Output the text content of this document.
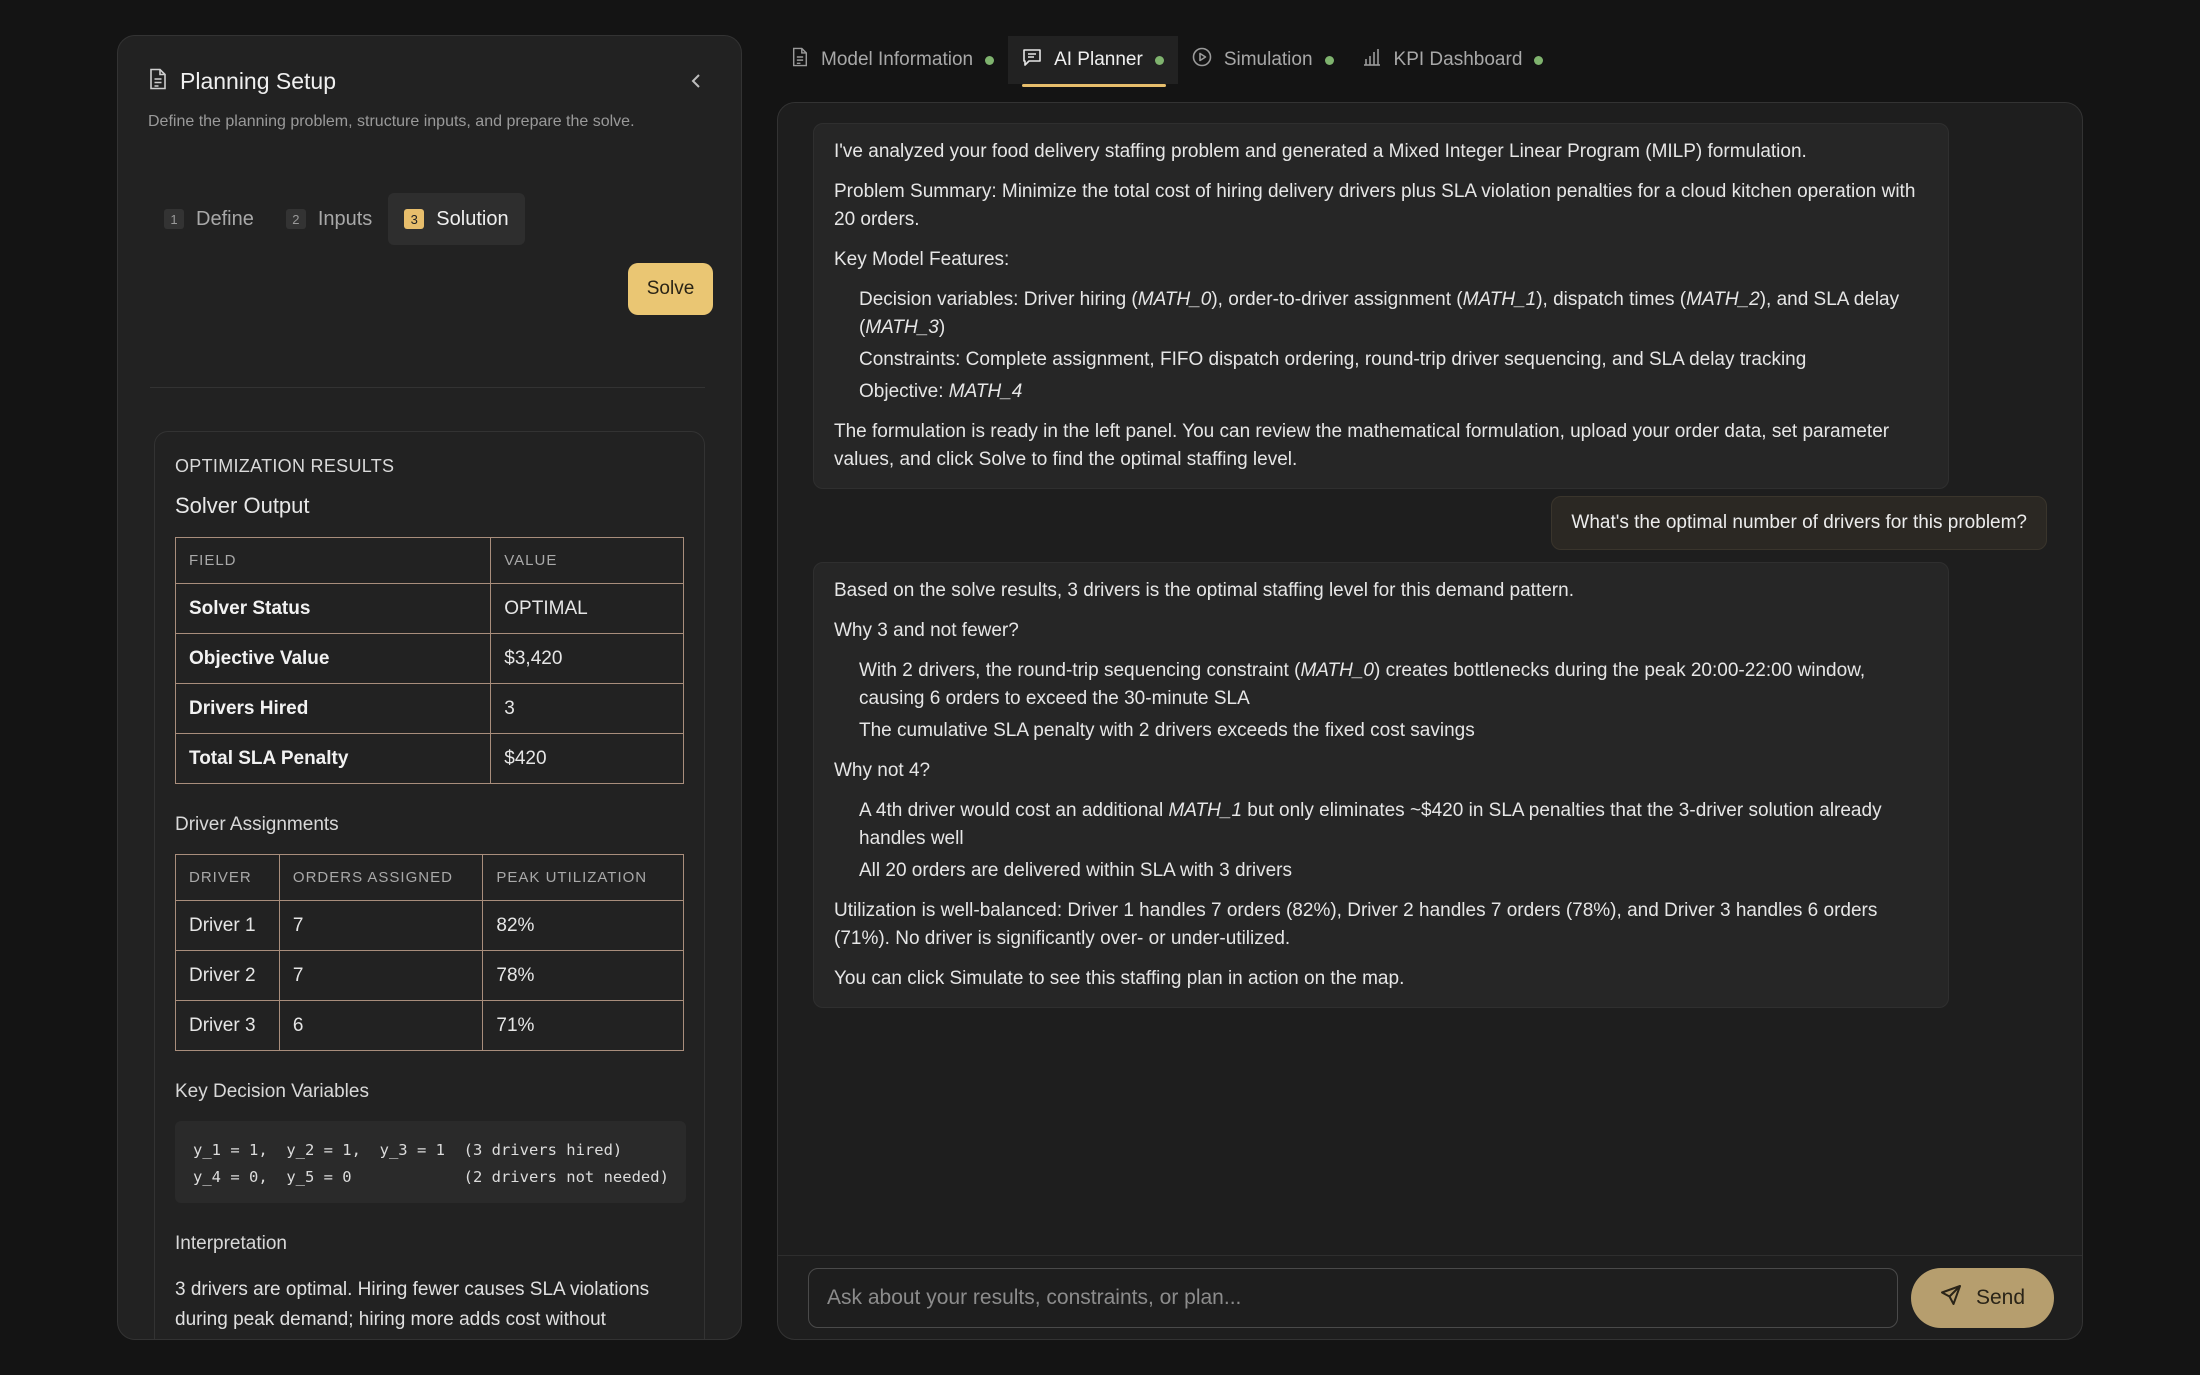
Planning Setup
Define the planning problem, structure inputs, and prepare the solve.
1 Define	2 Inputs	3 Solution
Solve
OPTIMIZATION RESULTS
Solver Output
FIELD	VALUE
Solver Status	OPTIMAL
Objective Value	$3,420
Drivers Hired	3
Total SLA Penalty	$420
Driver Assignments
DRIVER	ORDERS ASSIGNED	PEAK UTILIZATION
Driver 1	7	82%
Driver 2	7	78%
Driver 3	6	71%
Key Decision Variables
y_1 = 1,  y_2 = 1,  y_3 = 1  (3 drivers hired)
y_4 = 0,  y_5 = 0            (2 drivers not needed)
Interpretation
3 drivers are optimal. Hiring fewer causes SLA violations during peak demand; hiring more adds cost without
Model Information	AI Planner	Simulation	KPI Dashboard

I've analyzed your food delivery staffing problem and generated a Mixed Integer Linear Program (MILP) formulation.

Problem Summary: Minimize the total cost of hiring delivery drivers plus SLA violation penalties for a cloud kitchen operation with 20 orders.

Key Model Features:

Decision variables: Driver hiring (MATH_0), order-to-driver assignment (MATH_1), dispatch times (MATH_2), and SLA delay (MATH_3)
Constraints: Complete assignment, FIFO dispatch ordering, round-trip driver sequencing, and SLA delay tracking
Objective: MATH_4

The formulation is ready in the left panel. You can review the mathematical formulation, upload your order data, set parameter values, and click Solve to find the optimal staffing level.

What's the optimal number of drivers for this problem?

Based on the solve results, 3 drivers is the optimal staffing level for this demand pattern.

Why 3 and not fewer?

With 2 drivers, the round-trip sequencing constraint (MATH_0) creates bottlenecks during the peak 20:00-22:00 window, causing 6 orders to exceed the 30-minute SLA
The cumulative SLA penalty with 2 drivers exceeds the fixed cost savings

Why not 4?

A 4th driver would cost an additional MATH_1 but only eliminates ~$420 in SLA penalties that the 3-driver solution already handles well
All 20 orders are delivered within SLA with 3 drivers

Utilization is well-balanced: Driver 1 handles 7 orders (82%), Driver 2 handles 7 orders (78%), and Driver 3 handles 6 orders (71%). No driver is significantly over- or under-utilized.

You can click Simulate to see this staffing plan in action on the map.

Ask about your results, constraints, or plan...
Send
